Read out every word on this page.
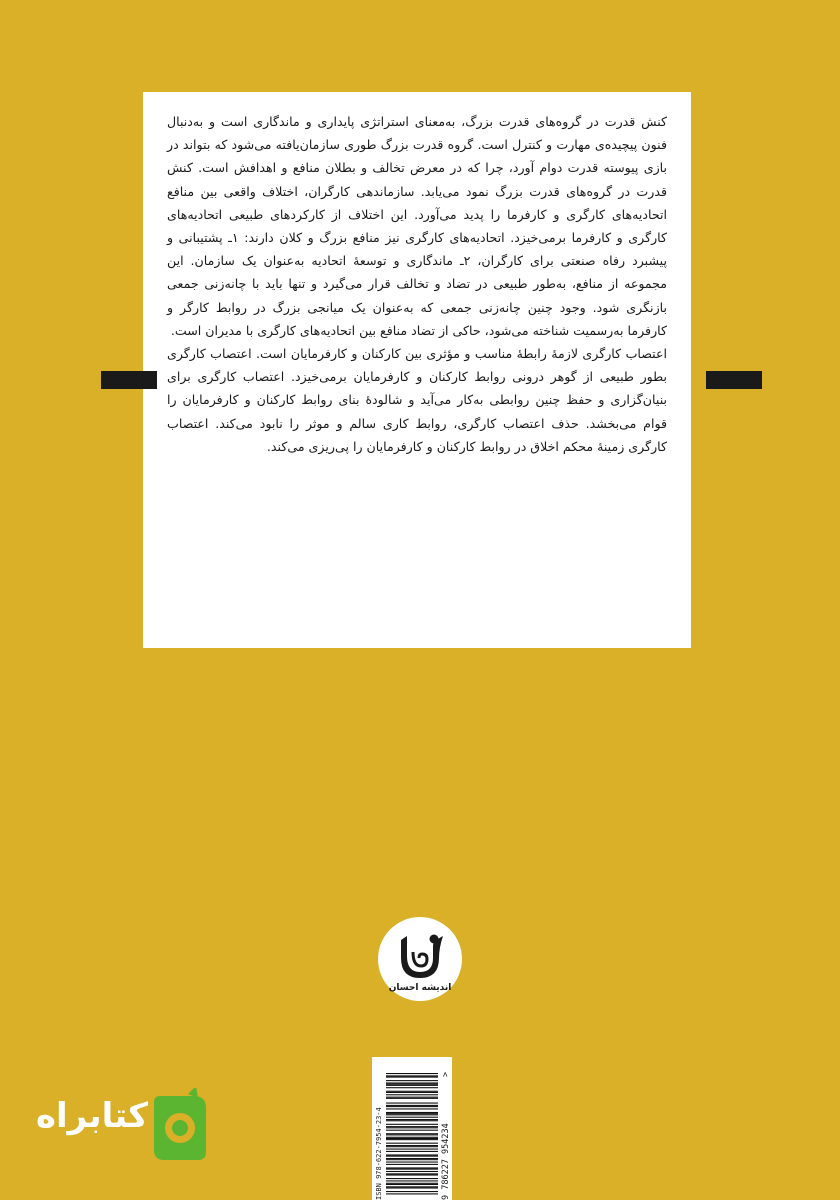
کنش قدرت در گروه‌های قدرت بزرگ، به‌معنای استراتژی پایداری و ماندگاری است و به‌دنبال فنون پیچیده‌ی مهارت و کنترل است. گروه قدرت بزرگ طوری سازمان‌یافته می‌شود که بتواند در بازی پیوسته قدرت دوام آورد، چرا که در معرض تخالف و بطلان منافع و اهدافش است. کنش قدرت در گروه‌های قدرت بزرگ نمود می‌یابد. سازماندهی کارگران، اختلاف واقعی بین منافع اتحادیه‌های کارگری و کارفرما را پدید می‌آورد. این اختلاف از کارکردهای طبیعی اتحادیه‌های کارگری و کارفرما برمی‌خیزد. اتحادیه‌های کارگری نیز منافع بزرگ و کلان دارند: ۱ـ پشتیبانی و پیشبرد رفاه صنعتی برای کارگران، ۲ـ ماندگاری و توسعهٔ اتحادیه به‌عنوان یک سازمان. این مجموعه از منافع، به‌طور طبیعی در تضاد و تخالف قرار می‌گیرد و تنها باید با چانه‌زنی جمعی بازنگری شود. وجود چنین چانه‌زنی جمعی که به‌عنوان یک میانجی بزرگ در روابط کارگر و کارفرما به‌رسمیت شناخته می‌شود، حاکی از تضاد منافع بین اتحادیه‌های کارگری با مدیران است.

اعتصاب کارگری لازمهٔ رابطهٔ مناسب و مؤثری بین کارکنان و کارفرمایان است. اعتصاب کارگری بطور طبیعی از گوهر درونی روابط کارکنان و کارفرمایان برمی‌خیزد. اعتصاب کارگری برای بنیان‌گزاری و حفظ چنین روابطی به‌کار می‌آید و شالودهٔ بنای روابط کارکنان و کارفرمایان را قوام می‌بخشد. حذف اعتصاب کارگری، روابط کاری سالم و موثر را نابود می‌کند. اعتصاب کارگری زمینهٔ محکم اخلاق در روابط کارکنان و کارفرمایان را پی‌ریزی می‌کند.

اندیشه احسان
ISBN 978-622-7954-23-4	9 786227 954234
>
کتابراه
